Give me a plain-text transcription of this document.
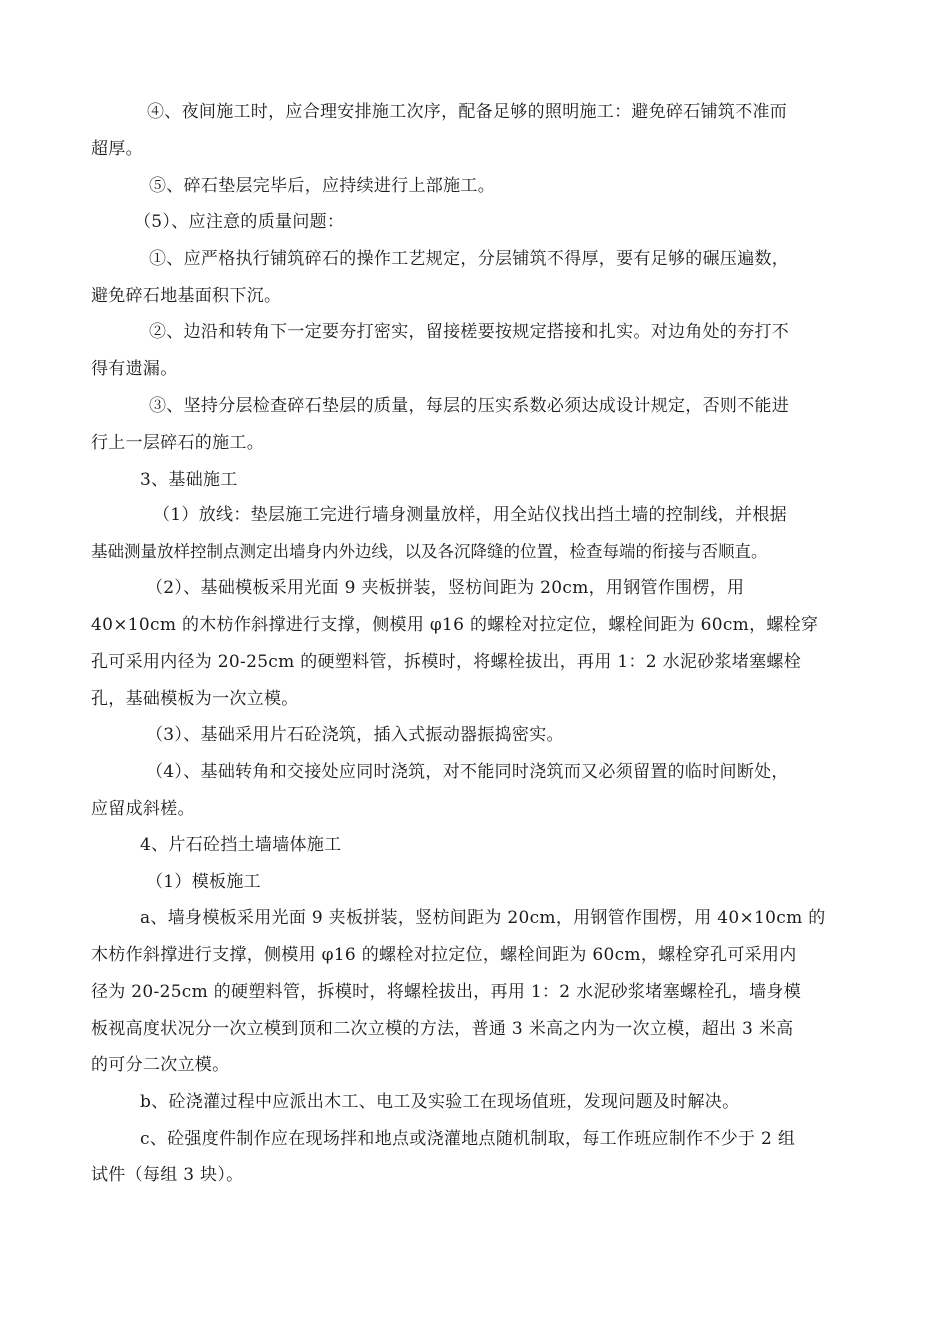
④、夜间施工时，应合理安排施工次序，配备足够的照明施工：避免碎石铺筑不准而
超厚。
⑤、碎石垫层完毕后，应持续进行上部施工。
（5）、应注意的质量问题：
①、应严格执行铺筑碎石的操作工艺规定，分层铺筑不得厚，要有足够的碾压遍数，
避免碎石地基面积下沉。
②、边沿和转角下一定要夯打密实，留接槎要按规定搭接和扎实。对边角处的夯打不
得有遗漏。
③、坚持分层检查碎石垫层的质量，每层的压实系数必须达成设计规定，否则不能进
行上一层碎石的施工。
3、基础施工
（1）放线：垫层施工完进行墙身测量放样，用全站仪找出挡土墙的控制线，并根据
基础测量放样控制点测定出墙身内外边线，以及各沉降缝的位置，检查每端的衔接与否顺直。
（2）、基础模板采用光面 9 夹板拼装，竖枋间距为 20cm，用钢管作围楞，用
40×10cm 的木枋作斜撑进行支撑，侧模用 φ16 的螺栓对拉定位，螺栓间距为 60cm，螺栓穿
孔可采用内径为 20-25cm 的硬塑料管，拆模时，将螺栓拔出，再用 1：2 水泥砂浆堵塞螺栓
孔，基础模板为一次立模。
（3）、基础采用片石砼浇筑，插入式振动器振捣密实。
（4）、基础转角和交接处应同时浇筑，对不能同时浇筑而又必须留置的临时间断处，
应留成斜槎。
4、片石砼挡土墙墙体施工
（1）模板施工
a、墙身模板采用光面 9 夹板拼装，竖枋间距为 20cm，用钢管作围楞，用 40×10cm 的
木枋作斜撑进行支撑，侧模用 φ16 的螺栓对拉定位，螺栓间距为 60cm，螺栓穿孔可采用内
径为 20-25cm 的硬塑料管，拆模时，将螺栓拔出，再用 1：2 水泥砂浆堵塞螺栓孔，墙身模
板视高度状况分一次立模到顶和二次立模的方法，普通 3 米高之内为一次立模，超出 3 米高
的可分二次立模。
b、砼浇灌过程中应派出木工、电工及实验工在现场值班，发现问题及时解决。
c、砼强度件制作应在现场拌和地点或浇灌地点随机制取，每工作班应制作不少于 2 组
试件（每组 3 块）。
